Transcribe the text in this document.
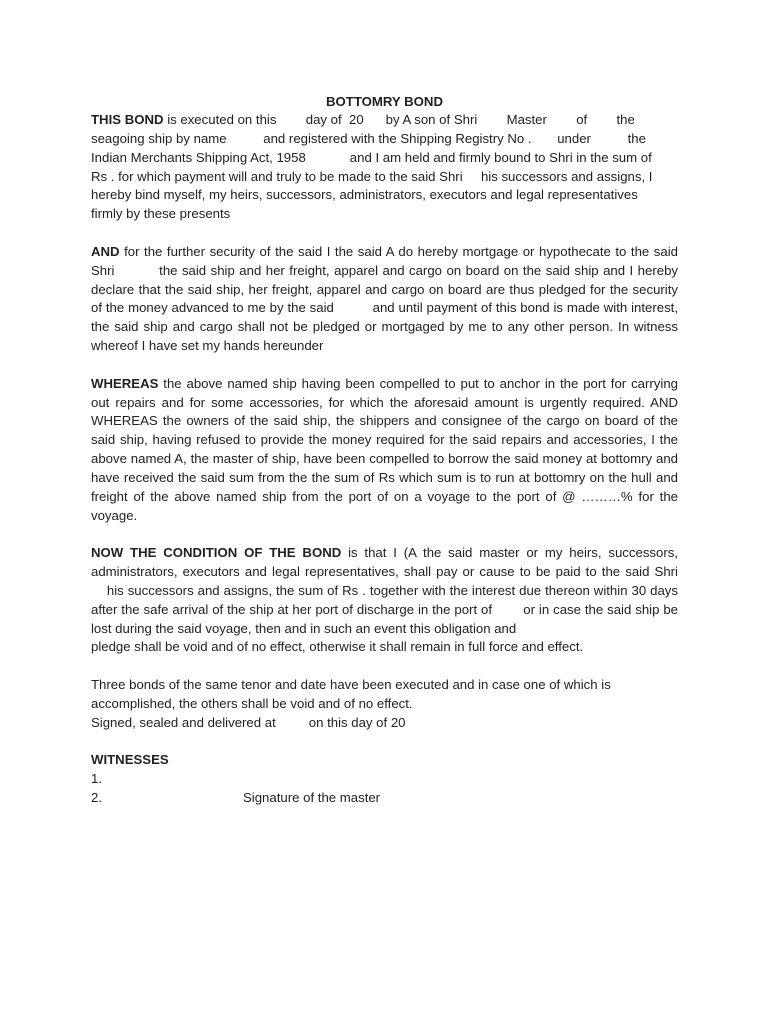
BOTTOMRY BOND

THIS BOND is executed on this        day of  20      by A son of Shri        Master        of        the

seagoing ship by name          and registered with the Shipping Registry No .       under          the

Indian Merchants Shipping Act, 1958            and I am held and firmly bound to Shri in the sum of

Rs . for which payment will and truly to be made to the said Shri     his successors and assigns, I

hereby bind myself, my heirs, successors, administrators, executors and legal representatives

firmly by these presents

AND for the further security of the said I the said A do hereby mortgage or hypothecate to the said Shri          the said ship and her freight, apparel and cargo on board on the said ship and I hereby declare that the said ship, her freight, apparel and cargo on board are thus pledged for the security of the money advanced to me by the said          and until payment of this bond is made with interest, the said ship and cargo shall not be pledged or mortgaged by me to any other person. In witness whereof I have set my hands hereunder

WHEREAS the above named ship having been compelled to put to anchor in the port for carrying out repairs and for some accessories, for which the aforesaid amount is urgently required. AND WHEREAS the owners of the said ship, the shippers and consignee of the cargo on board of the said ship, having refused to provide the money required for the said repairs and accessories, I the above named A, the master of ship, have been compelled to borrow the said money at bottomry and have received the said sum from the the sum of Rs which sum is to run at bottomry on the hull and freight of the above named ship from the port of on a voyage to the port of @ ………% for the voyage.

NOW THE CONDITION OF THE BOND is that I (A the said master or my heirs, successors, administrators, executors and legal representatives, shall pay or cause to be paid to the said Shri     his successors and assigns, the sum of Rs . together with the interest due thereon within 30 days after the safe arrival of the ship at her port of discharge in the port of        or in case the said ship be lost during the said voyage, then and in such an event this obligation and

pledge shall be void and of no effect, otherwise it shall remain in full force and effect.

Three bonds of the same tenor and date have been executed and in case one of which is

accomplished, the others shall be void and of no effect.

Signed, sealed and delivered at         on this day of 20

WITNESSES

1.

2.	Signature of the master
